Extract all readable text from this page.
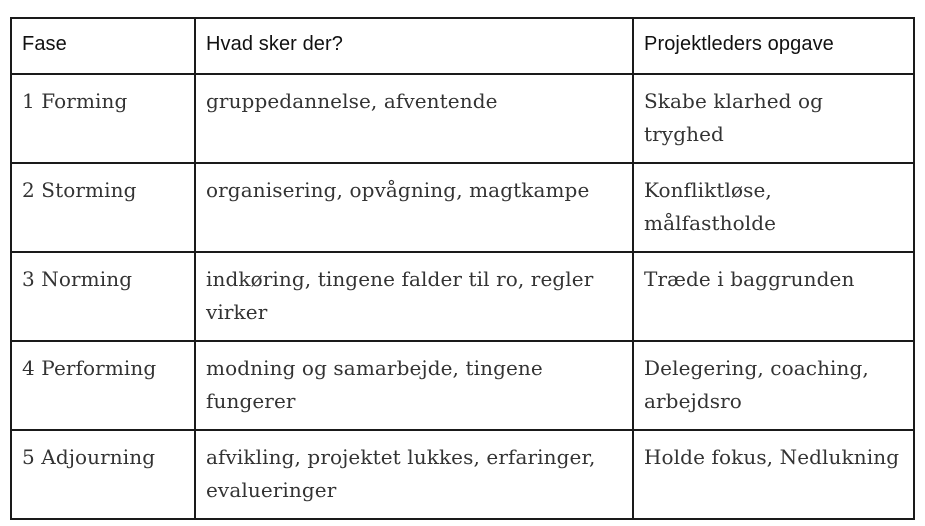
Fase	Hvad sker der?	Projektleders opgave
1 Forming	gruppedannelse, afventende	Skabe klarhed og tryghed
2 Storming	organisering, opvågning, magtkampe	Konfliktløse, målfastholde
3 Norming	indkøring, tingene falder til ro, regler virker	Træde i baggrunden
4 Performing	modning og samarbejde, tingene fungerer	Delegering, coaching, arbejdsro
5 Adjourning	afvikling, projektet lukkes, erfaringer, evalueringer	Holde fokus, Nedlukning
